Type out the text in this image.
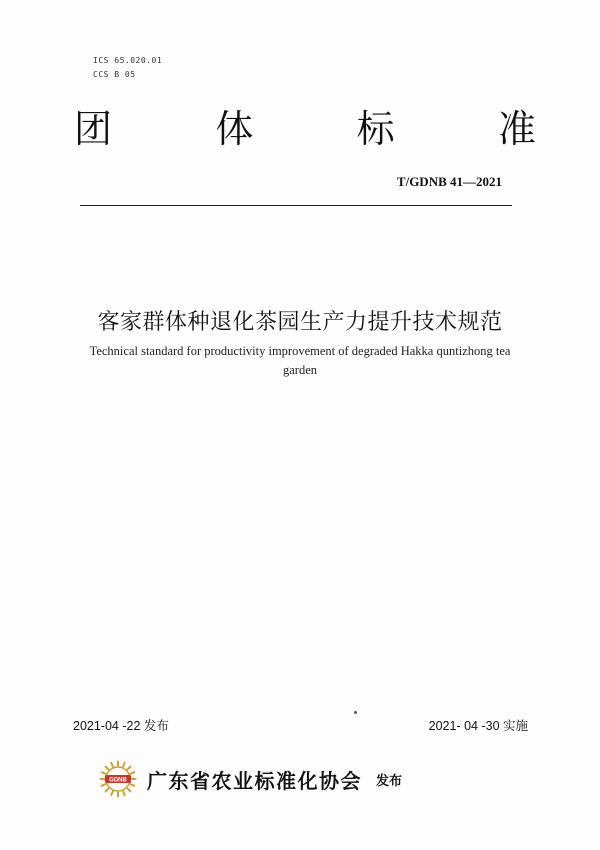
ICS 65.020.01
CCS B 05
团	体	标	准
T/GDNB 41—2021
客家群体种退化茶园生产力提升技术规范
Technical standard for productivity improvement of degraded Hakka quntizhong tea
garden
2021-04 -22 发布	2021- 04 -30 实施
GDNB 广东省农业标准化协会 发布
